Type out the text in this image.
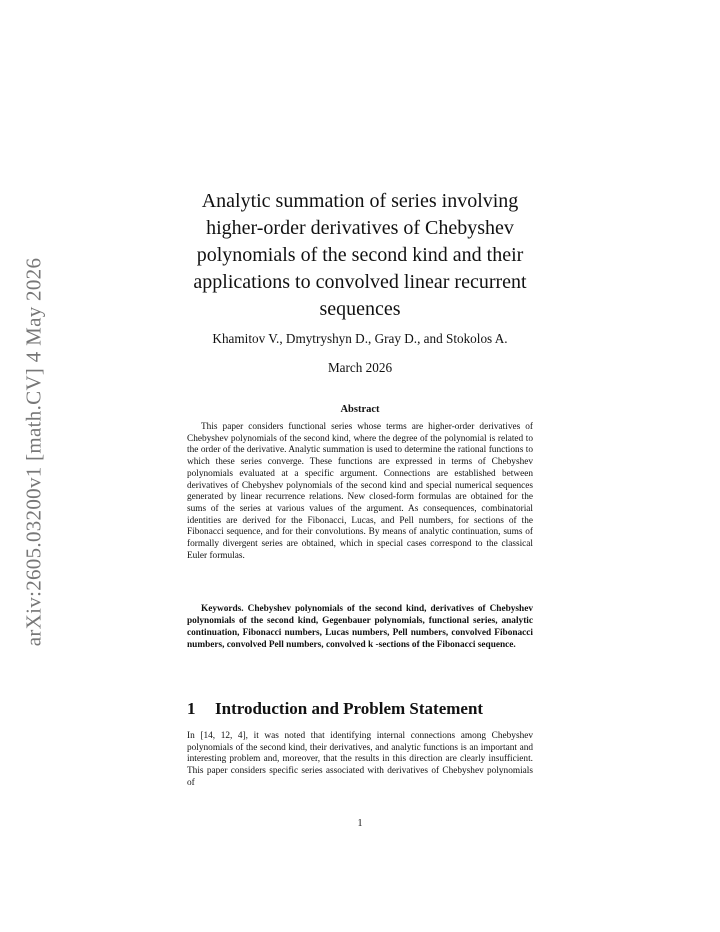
arXiv:2605.03200v1 [math.CV] 4 May 2026
Analytic summation of series involving higher-order derivatives of Chebyshev polynomials of the second kind and their applications to convolved linear recurrent sequences
Khamitov V., Dmytryshyn D., Gray D., and Stokolos A.
March 2026
Abstract

This paper considers functional series whose terms are higher-order derivatives of Chebyshev polynomials of the second kind, where the degree of the polynomial is related to the order of the derivative. Analytic summation is used to determine the rational functions to which these series converge. These functions are expressed in terms of Chebyshev polynomials evaluated at a specific argument. Connections are established between derivatives of Chebyshev polynomials of the second kind and special numerical sequences generated by linear recurrence relations. New closed-form formulas are obtained for the sums of the series at various values of the argument. As consequences, combinatorial identities are derived for the Fibonacci, Lucas, and Pell numbers, for sections of the Fibonacci sequence, and for their convolutions. By means of analytic continuation, sums of formally divergent series are obtained, which in special cases correspond to the classical Euler formulas.

Keywords. Chebyshev polynomials of the second kind, derivatives of Chebyshev polynomials of the second kind, Gegenbauer polynomials, functional series, analytic continuation, Fibonacci numbers, Lucas numbers, Pell numbers, convolved Fibonacci numbers, convolved Pell numbers, convolved k -sections of the Fibonacci sequence.

1 Introduction and Problem Statement

In [14, 12, 4], it was noted that identifying internal connections among Chebyshev polynomials of the second kind, their derivatives, and analytic functions is an important and interesting problem and, moreover, that the results in this direction are clearly insufficient. This paper considers specific series associated with derivatives of Chebyshev polynomials of

1
